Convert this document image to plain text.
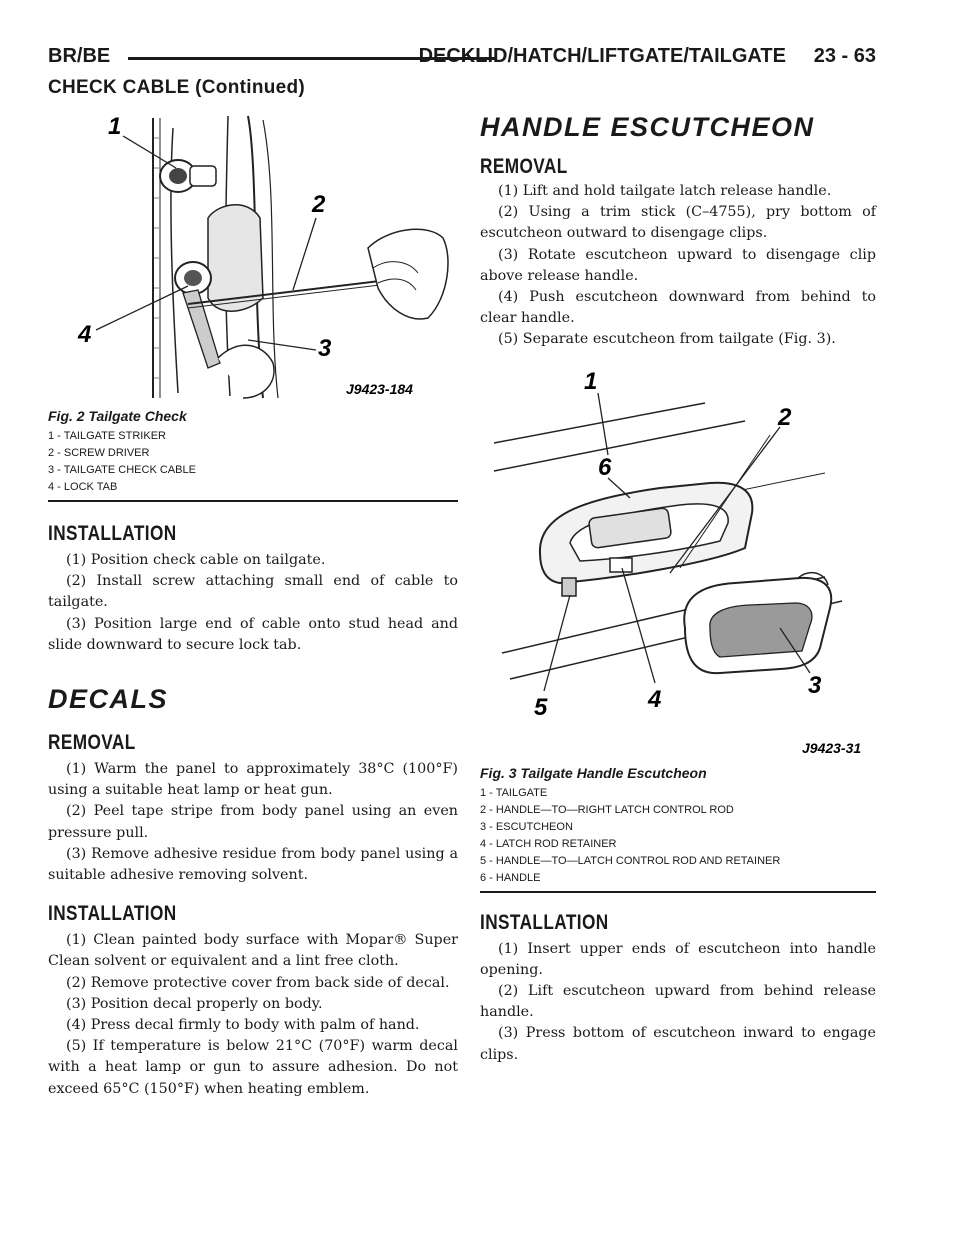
BR/BE	DECKLID/HATCH/LIFTGATE/TAILGATE     23 - 63
CHECK CABLE (Continued)
1
2
3
4
J9423-184
Fig. 2 Tailgate Check
1 - TAILGATE STRIKER
2 - SCREW DRIVER
3 - TAILGATE CHECK CABLE
4 - LOCK TAB
INSTALLATION

(1) Position check cable on tailgate.

(2) Install screw attaching small end of cable to tailgate.

(3) Position large end of cable onto stud head and slide downward to secure lock tab.

DECALS
REMOVAL

(1) Warm the panel to approximately 38°C (100°F) using a suitable heat lamp or heat gun.

(2) Peel tape stripe from body panel using an even pressure pull.

(3) Remove adhesive residue from body panel using a suitable adhesive removing solvent.

INSTALLATION

(1) Clean painted body surface with Mopar® Super Clean solvent or equivalent and a lint free cloth.

(2) Remove protective cover from back side of decal.

(3) Position decal properly on body.

(4) Press decal firmly to body with palm of hand.

(5) If temperature is below 21°C (70°F) warm decal with a heat lamp or gun to assure adhesion. Do not exceed 65°C (150°F) when heating emblem.

HANDLE ESCUTCHEON
REMOVAL

(1) Lift and hold tailgate latch release handle.

(2) Using a trim stick (C–4755), pry bottom of escutcheon outward to disengage clips.

(3) Rotate escutcheon upward to disengage clip above release handle.

(4) Push escutcheon downward from behind to clear handle.

(5) Separate escutcheon from tailgate (Fig. 3).

1
2
3
4
5
6
J9423-31
Fig. 3 Tailgate Handle Escutcheon
1 - TAILGATE
2 - HANDLE—TO—RIGHT LATCH CONTROL ROD
3 - ESCUTCHEON
4 - LATCH ROD RETAINER
5 - HANDLE—TO—LATCH CONTROL ROD AND RETAINER
6 - HANDLE
INSTALLATION

(1) Insert upper ends of escutcheon into handle opening.

(2) Lift escutcheon upward from behind release handle.

(3) Press bottom of escutcheon inward to engage clips.
